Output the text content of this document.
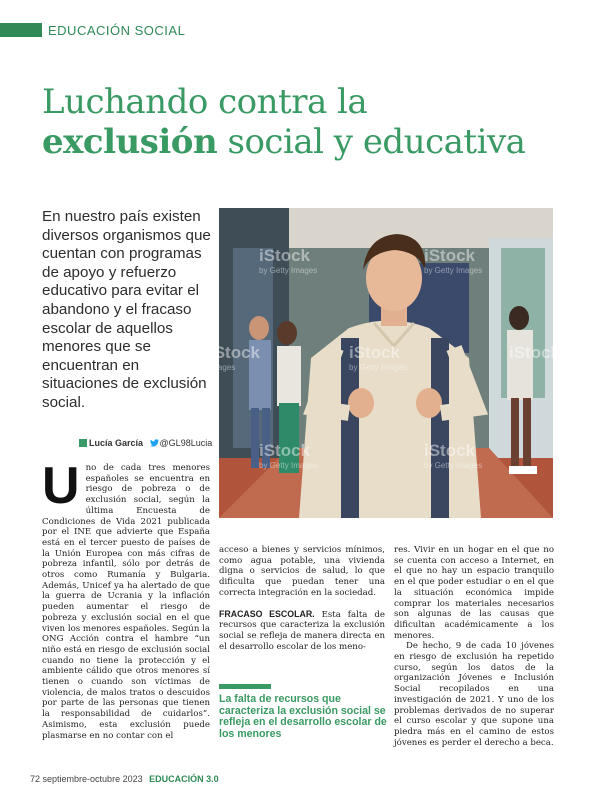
EDUCACIÓN SOCIAL
Luchando contra la
exclusión social y educativa
En nuestro país existen diversos organismos que cuentan con programas de apoyo y refuerzo educativo para evitar el abandono y el fracaso escolar de aquellos menores que se encuentran en situaciones de exclusión social.
iStock
by Getty Images
iStock
by Getty Images
iStock
Images
iStock
by Getty Images
iStock
iStock
by Getty Images
iStock
by Getty Images
Lucía García @GL98Lucia
U no de cada tres menores españoles se encuentra en riesgo de pobreza o de exclusión social, según la última Encuesta de Condiciones de Vida 2021 publicada por el INE que advierte que España está en el tercer puesto de países de la Unión Europea con más cifras de pobreza infantil, sólo por detrás de otros como Rumanía y Bulgaria. Además, Unicef ya ha alertado de que la guerra de Ucrania y la inflación pueden aumentar el riesgo de pobreza y exclusión social en el que viven los menores españoles. Según la ONG Acción contra el hambre “un niño está en riesgo de exclusión social cuando no tiene la protección y el ambiente cálido que otros menores sí tienen o cuando son víctimas de violencia, de malos tratos o descuidos por parte de las personas que tienen la responsabilidad de cuidarlos”. Asimismo, esta exclusión puede plasmarse en no contar con el

acceso a bienes y servicios mínimos, como agua potable, una vivienda digna o servicios de salud, lo que dificulta que puedan tener una correcta integración en la sociedad.

FRACASO ESCOLAR. Esta falta de recursos que caracteriza la exclusión social se refleja de manera directa en el desarrollo escolar de los meno-

La falta de recursos que caracteriza la exclusión social se refleja en el desarrollo escolar de los menores

res. Vivir en un hogar en el que no se cuenta con acceso a Internet, en el que no hay un espacio tranquilo en el que poder estudiar o en el que la situación económica impide comprar los materiales necesarios son algunas de las causas que dificultan académicamente a los menores.

De hecho, 9 de cada 10 jóvenes en riesgo de exclusión ha repetido curso, según los datos de la organización Jóvenes e Inclusión Social recopilados en una investigación de 2021. Y uno de los problemas derivados de no superar el curso escolar y que supone una piedra más en el camino de estos jóvenes es perder el derecho a beca.

72 septiembre-octubre 2023 EDUCACIÓN 3.0
